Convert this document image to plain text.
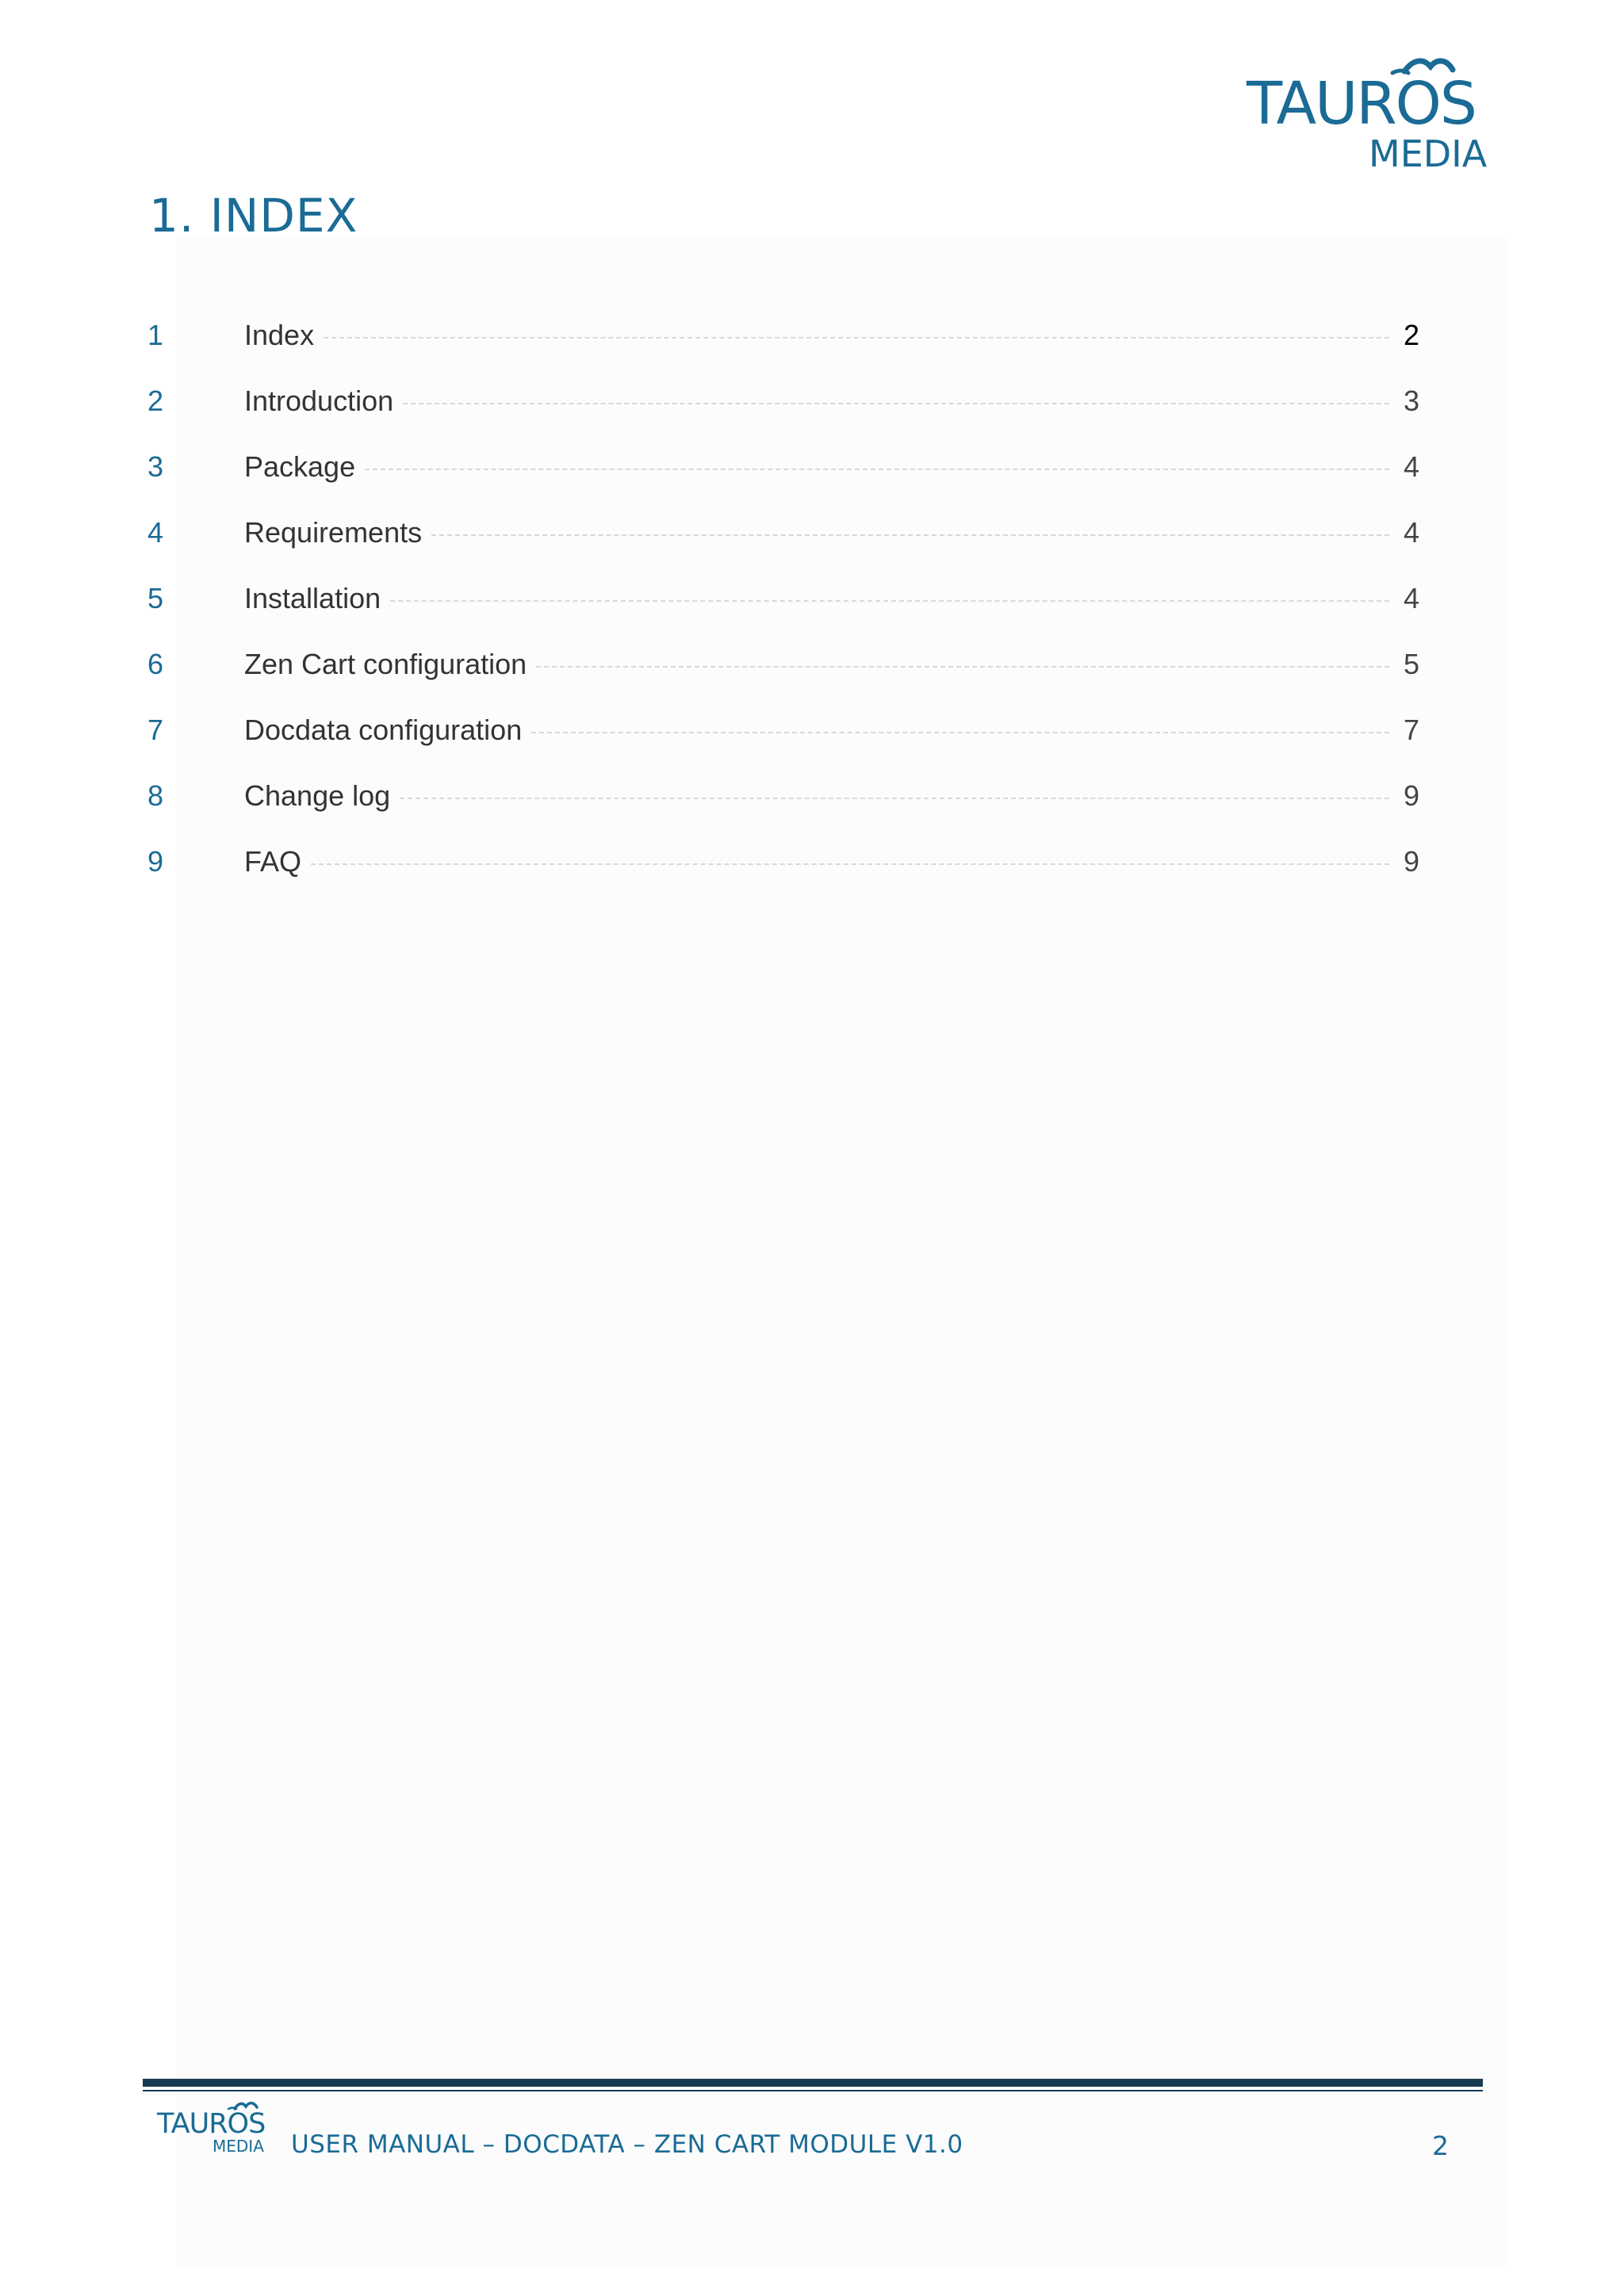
TAUROS
MEDIA
1. INDEX
1	Index	2
2	Introduction	3
3	Package	4
4	Requirements	4
5	Installation	4
6	Zen Cart configuration	5
7	Docdata configuration	7
8	Change log	9
9	FAQ	9
TAUROS
MEDIA USER MANUAL – DOCDATA – ZEN CART MODULE V1.0	2
